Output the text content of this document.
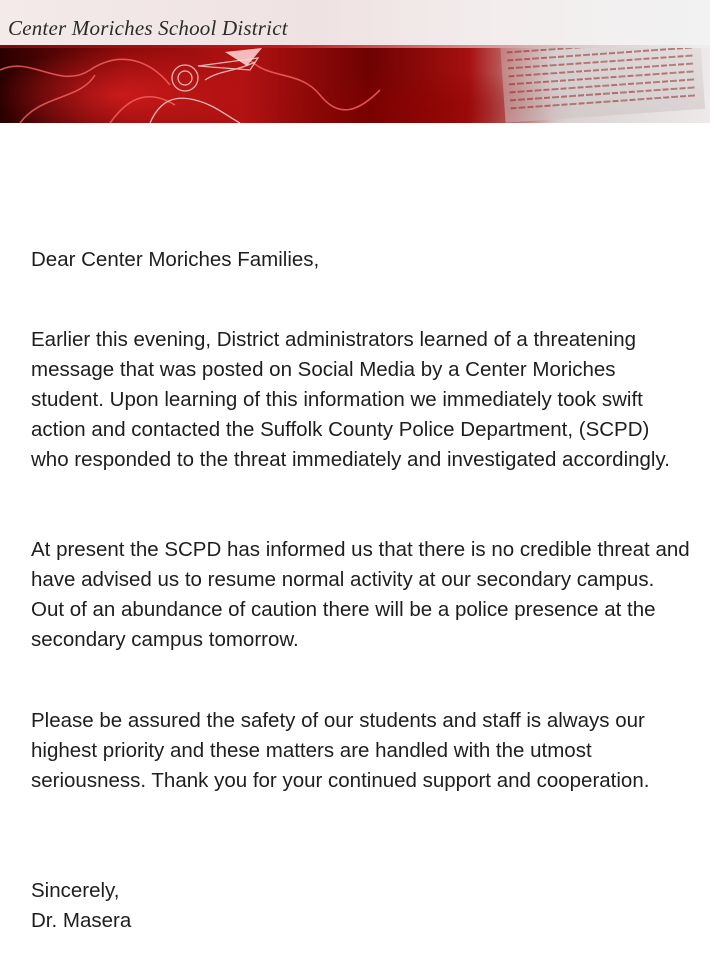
Center Moriches School District

Dear Center Moriches Families,

Earlier this evening, District administrators learned of a threatening message that was posted on Social Media by a Center Moriches student. Upon learning of this information we immediately took swift action and contacted the Suffolk County Police Department, (SCPD) who responded to the threat immediately and investigated accordingly.

At present the SCPD has informed us that there is no credible threat and have advised us to resume normal activity at our secondary campus. Out of an abundance of caution there will be a police presence at the secondary campus tomorrow.

Please be assured the safety of our students and staff is always our highest priority and these matters are handled with the utmost seriousness. Thank you for your continued support and cooperation.

Sincerely,

Dr. Masera
